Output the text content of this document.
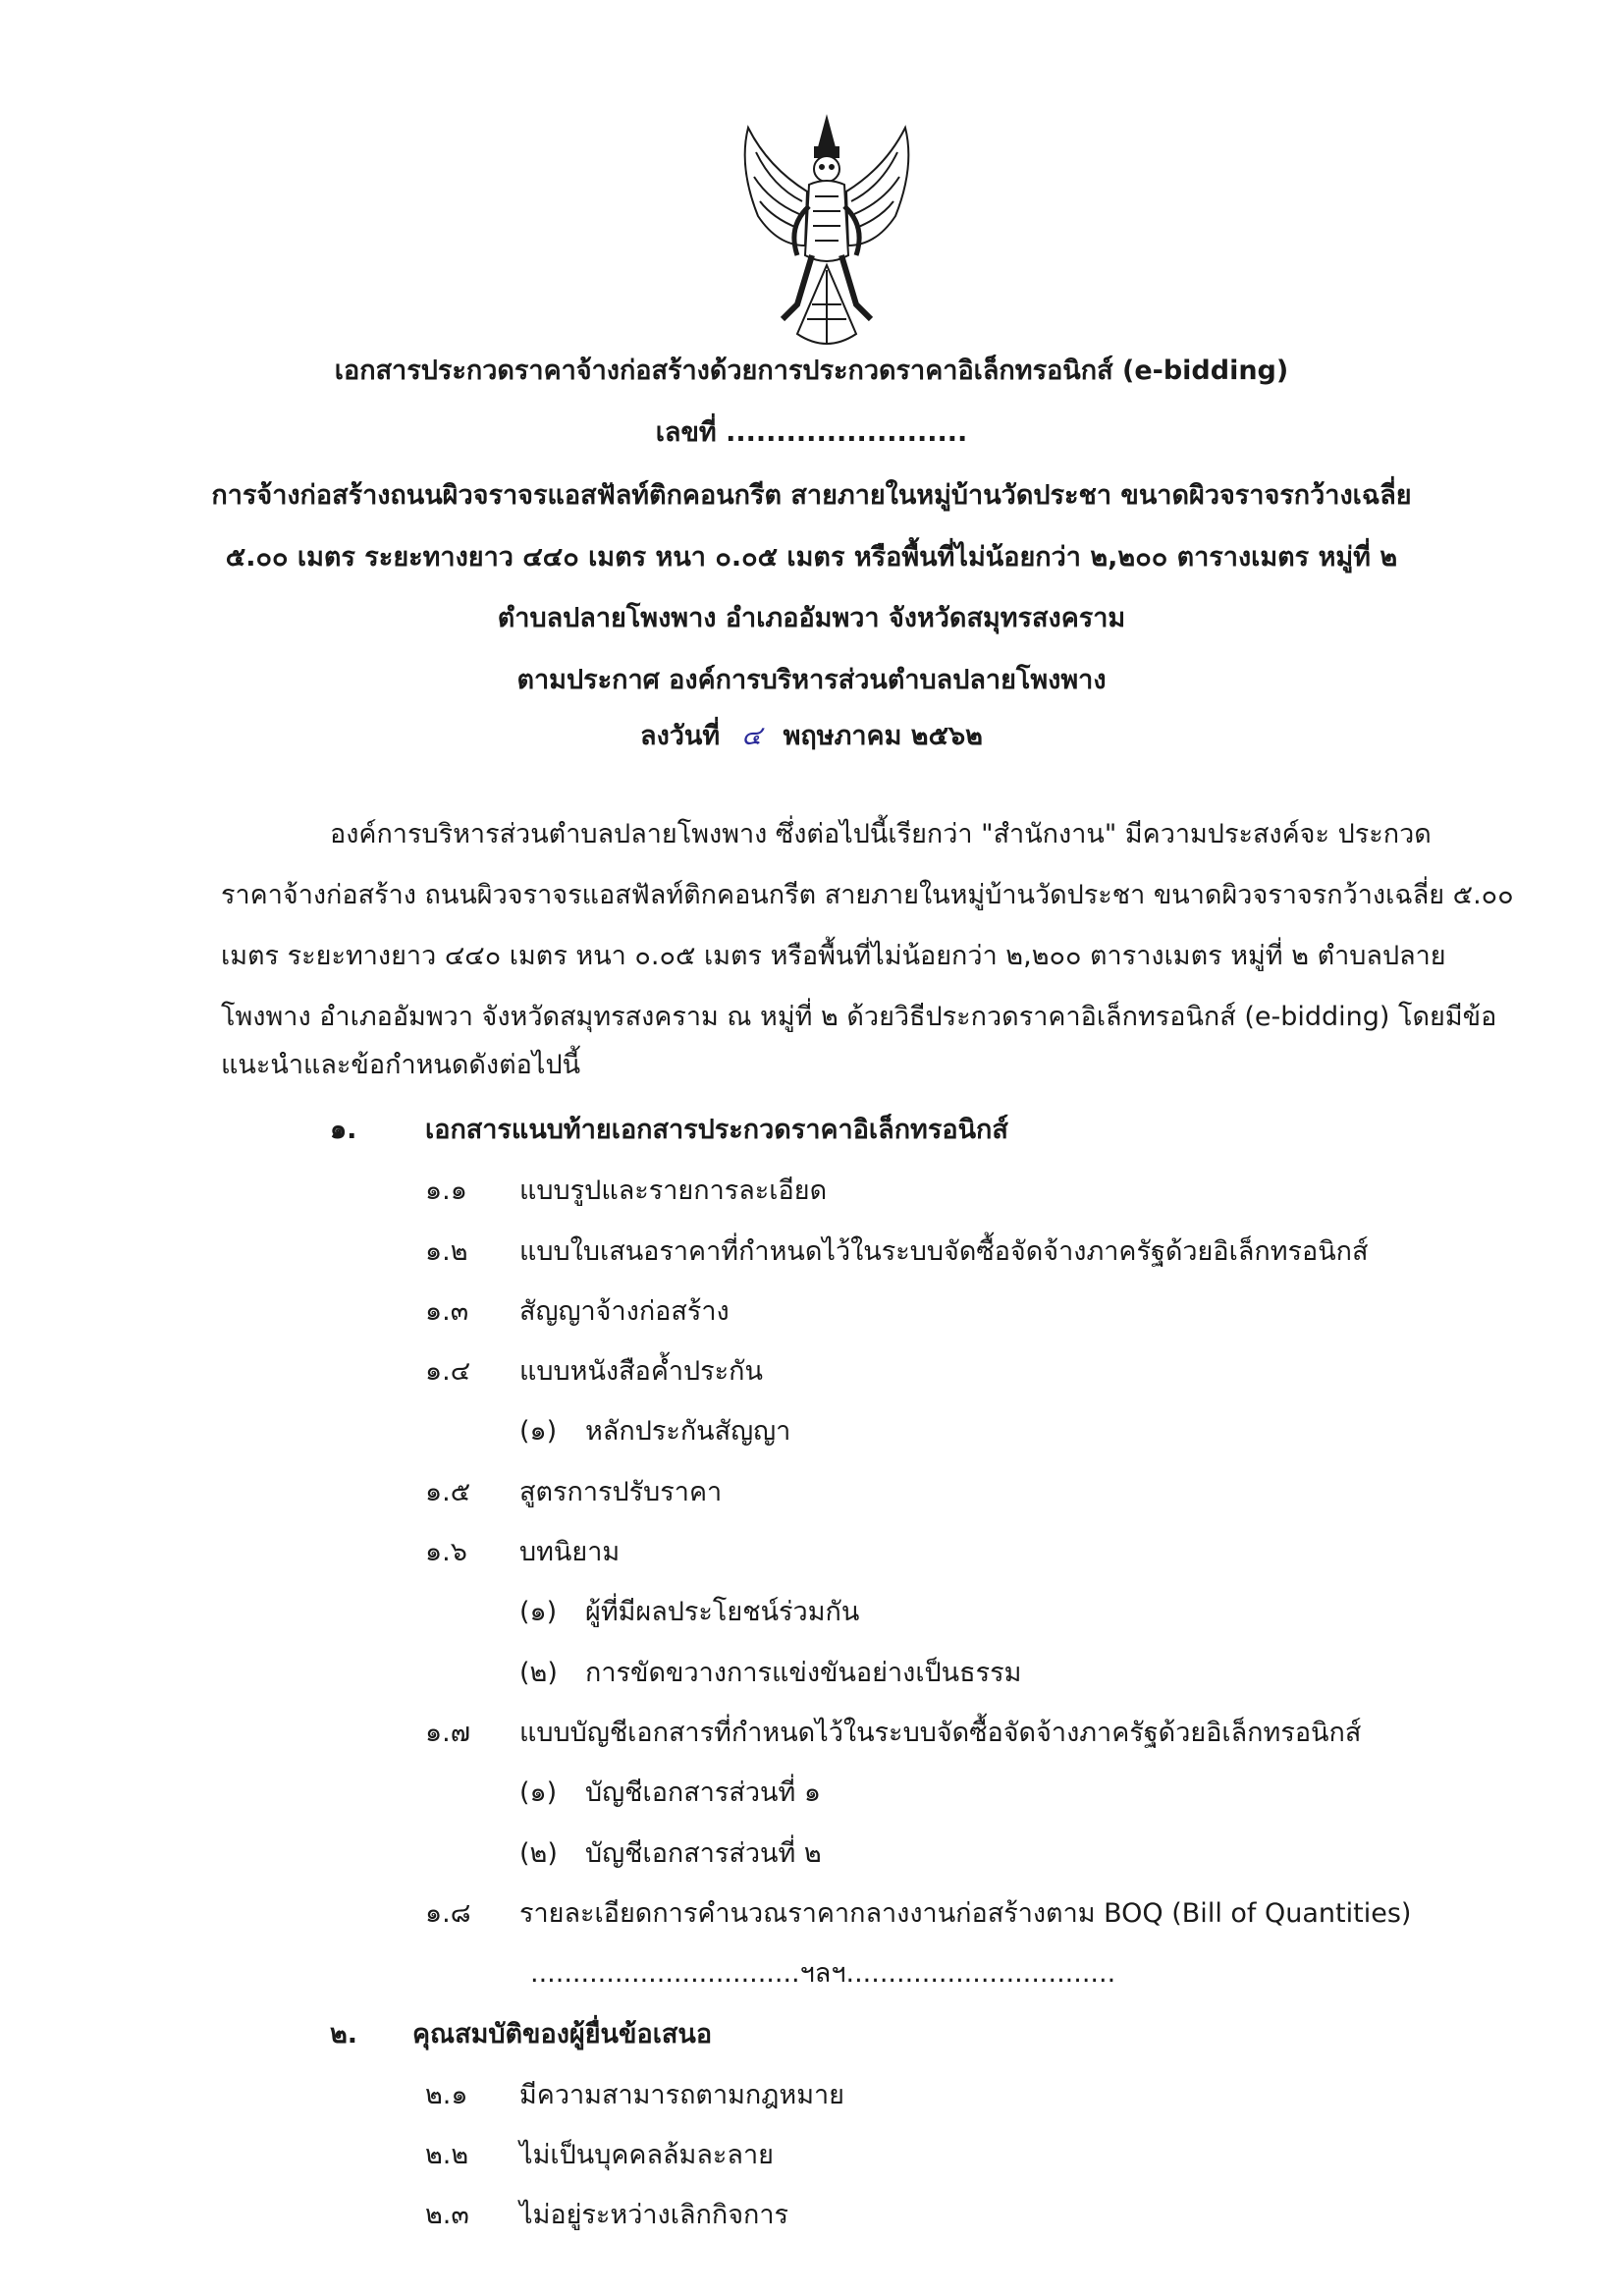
เอกสารประกวดราคาจ้างก่อสร้างด้วยการประกวดราคาอิเล็กทรอนิกส์ (e-bidding)
เลขที่ ........................
การจ้างก่อสร้างถนนผิวจราจรแอสฟัลท์ติกคอนกรีต สายภายในหมู่บ้านวัดประชา ขนาดผิวจราจรกว้างเฉลี่ย
๕.๐๐ เมตร ระยะทางยาว ๔๔๐ เมตร หนา ๐.๐๕ เมตร หรือพื้นที่ไม่น้อยกว่า ๒,๒๐๐ ตารางเมตร หมู่ที่ ๒
ตำบลปลายโพงพาง อำเภออัมพวา จังหวัดสมุทรสงคราม
ตามประกาศ องค์การบริหารส่วนตำบลปลายโพงพาง
ลงวันที่ ๔ พฤษภาคม ๒๕๖๒
องค์การบริหารส่วนตำบลปลายโพงพาง ซึ่งต่อไปนี้เรียกว่า "สำนักงาน" มีความประสงค์จะ ประกวด
ราคาจ้างก่อสร้าง ถนนผิวจราจรแอสฟัลท์ติกคอนกรีต สายภายในหมู่บ้านวัดประชา ขนาดผิวจราจรกว้างเฉลี่ย ๕.๐๐
เมตร ระยะทางยาว ๔๔๐ เมตร หนา ๐.๐๕ เมตร หรือพื้นที่ไม่น้อยกว่า ๒,๒๐๐ ตารางเมตร หมู่ที่ ๒ ตำบลปลาย
โพงพาง อำเภออัมพวา จังหวัดสมุทรสงคราม ณ หมู่ที่ ๒ ด้วยวิธีประกวดราคาอิเล็กทรอนิกส์ (e-bidding) โดยมีข้อ
แนะนำและข้อกำหนดดังต่อไปนี้
๑.	เอกสารแนบท้ายเอกสารประกวดราคาอิเล็กทรอนิกส์
๑.๑ แบบรูปและรายการละเอียด
๑.๒ แบบใบเสนอราคาที่กำหนดไว้ในระบบจัดซื้อจัดจ้างภาครัฐด้วยอิเล็กทรอนิกส์
๑.๓ สัญญาจ้างก่อสร้าง
๑.๔ แบบหนังสือค้ำประกัน
(๑) หลักประกันสัญญา
๑.๕ สูตรการปรับราคา
๑.๖ บทนิยาม
(๑) ผู้ที่มีผลประโยชน์ร่วมกัน
(๒) การขัดขวางการแข่งขันอย่างเป็นธรรม
๑.๗ แบบบัญชีเอกสารที่กำหนดไว้ในระบบจัดซื้อจัดจ้างภาครัฐด้วยอิเล็กทรอนิกส์
(๑) บัญชีเอกสารส่วนที่ ๑
(๒) บัญชีเอกสารส่วนที่ ๒
๑.๘ รายละเอียดการคำนวณราคากลางงานก่อสร้างตาม BOQ (Bill of Quantities)
................................ฯลฯ................................
๒. คุณสมบัติของผู้ยื่นข้อเสนอ
๒.๑ มีความสามารถตามกฎหมาย
๒.๒ ไม่เป็นบุคคลล้มละลาย
๒.๓ ไม่อยู่ระหว่างเลิกกิจการ
